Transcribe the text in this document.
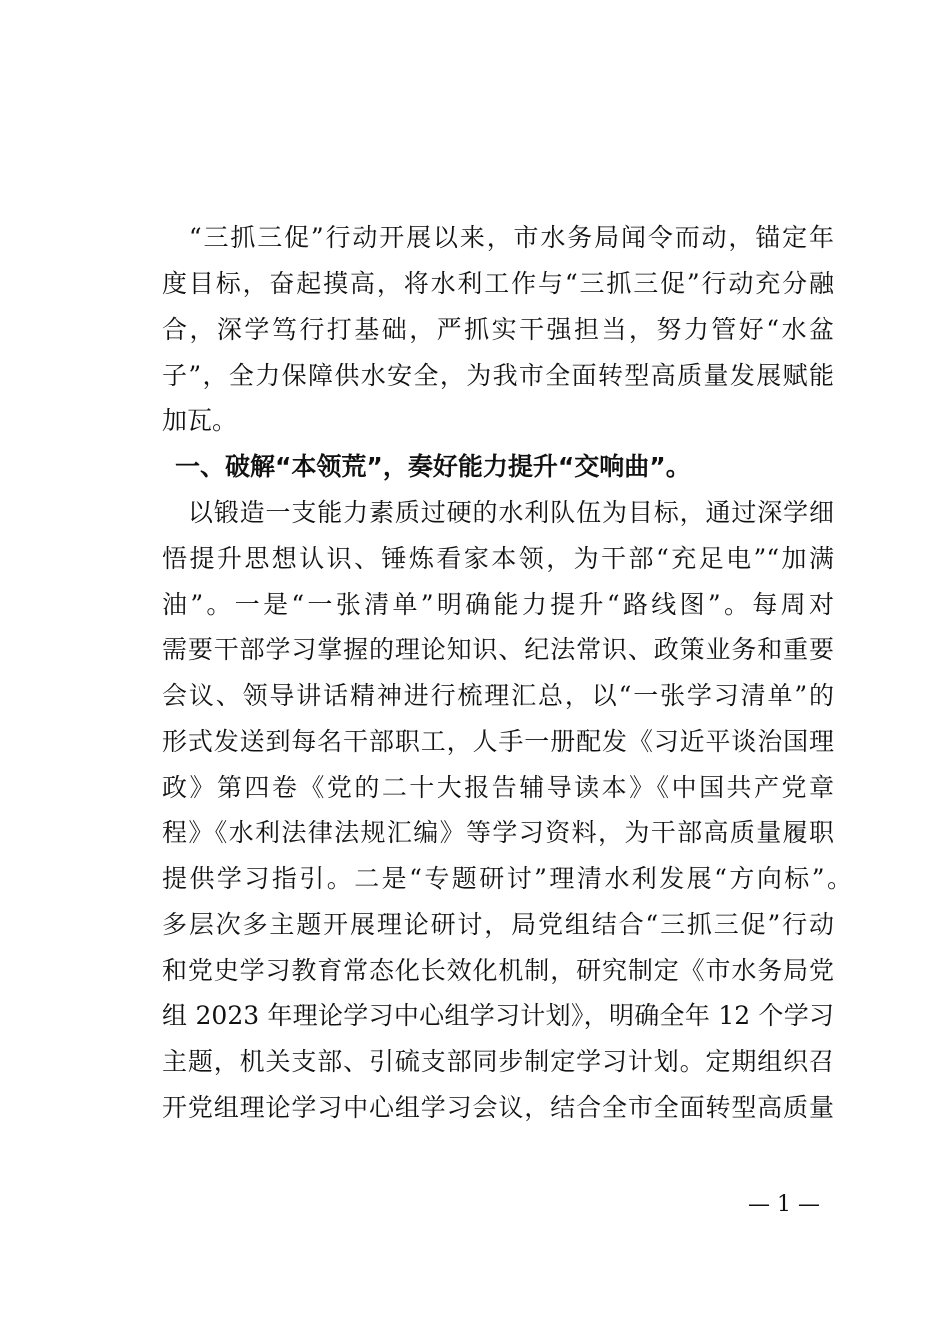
　“三抓三促”行动开展以来，市水务局闻令而动，锚定年
度目标，奋起摸高，将水利工作与“三抓三促”行动充分融
合，深学笃行打基础，严抓实干强担当，努力管好“水盆
子”，全力保障供水安全，为我市全面转型高质量发展赋能
加瓦。
一、破解“本领荒”，奏好能力提升“交响曲”。
　以锻造一支能力素质过硬的水利队伍为目标，通过深学细
悟提升思想认识、锤炼看家本领，为干部“充足电”“加满
油”。一是“一张清单”明确能力提升“路线图”。每周对
需要干部学习掌握的理论知识、纪法常识、政策业务和重要
会议、领导讲话精神进行梳理汇总，以“一张学习清单”的
形式发送到每名干部职工，人手一册配发《习近平谈治国理
政》第四卷《党的二十大报告辅导读本》《中国共产党章
程》《水利法律法规汇编》等学习资料，为干部高质量履职
提供学习指引。二是“专题研讨”理清水利发展“方向标”。
多层次多主题开展理论研讨，局党组结合“三抓三促”行动
和党史学习教育常态化长效化机制，研究制定《市水务局党
组 2023 年理论学习中心组学习计划》，明确全年 12 个学习
主题，机关支部、引硫支部同步制定学习计划。定期组织召
开党组理论学习中心组学习会议，结合全市全面转型高质量
— 1 —
